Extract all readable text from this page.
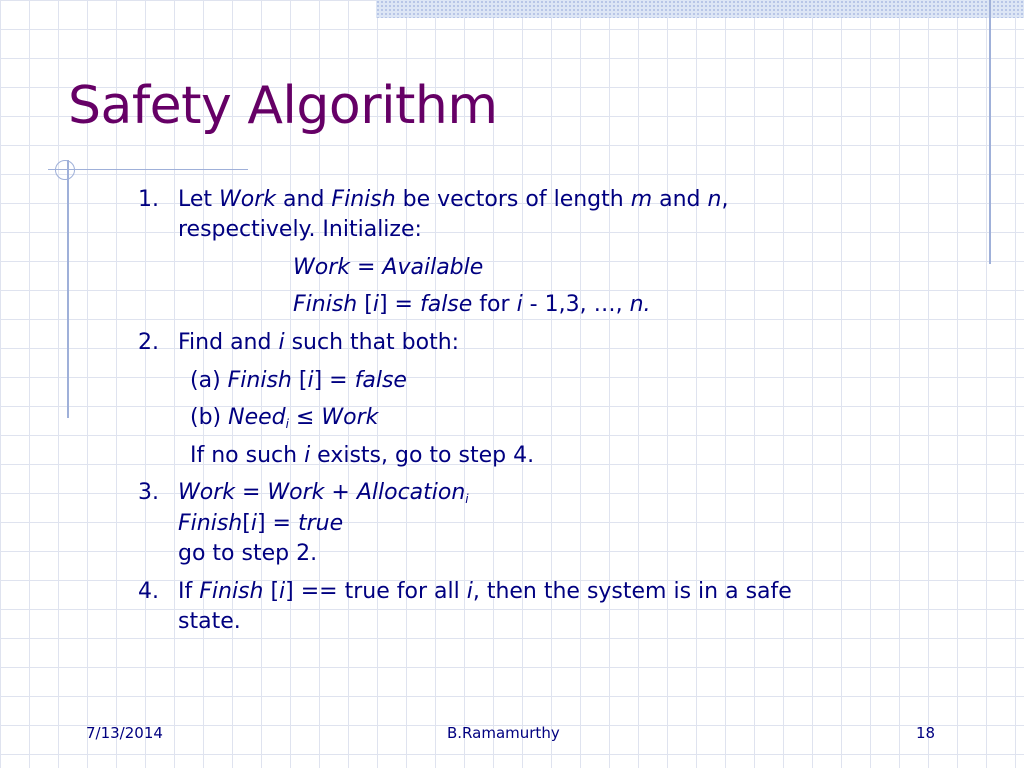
Safety Algorithm
1. Let Work and Finish be vectors of length m and n,
respectively. Initialize:
Work = Available
Finish [i] = false for i - 1,3, …, n.
2. Find and i such that both:
(a) Finish [i] = false
(b) Need$_i$ ≤ Work
If no such i exists, go to step 4.
3. Work = Work + Allocation$_i$
Finish[i] = true
go to step 2.
4. If Finish [i] == true for all i, then the system is in a safe
state.
7/13/2014	B.Ramamurthy	18
